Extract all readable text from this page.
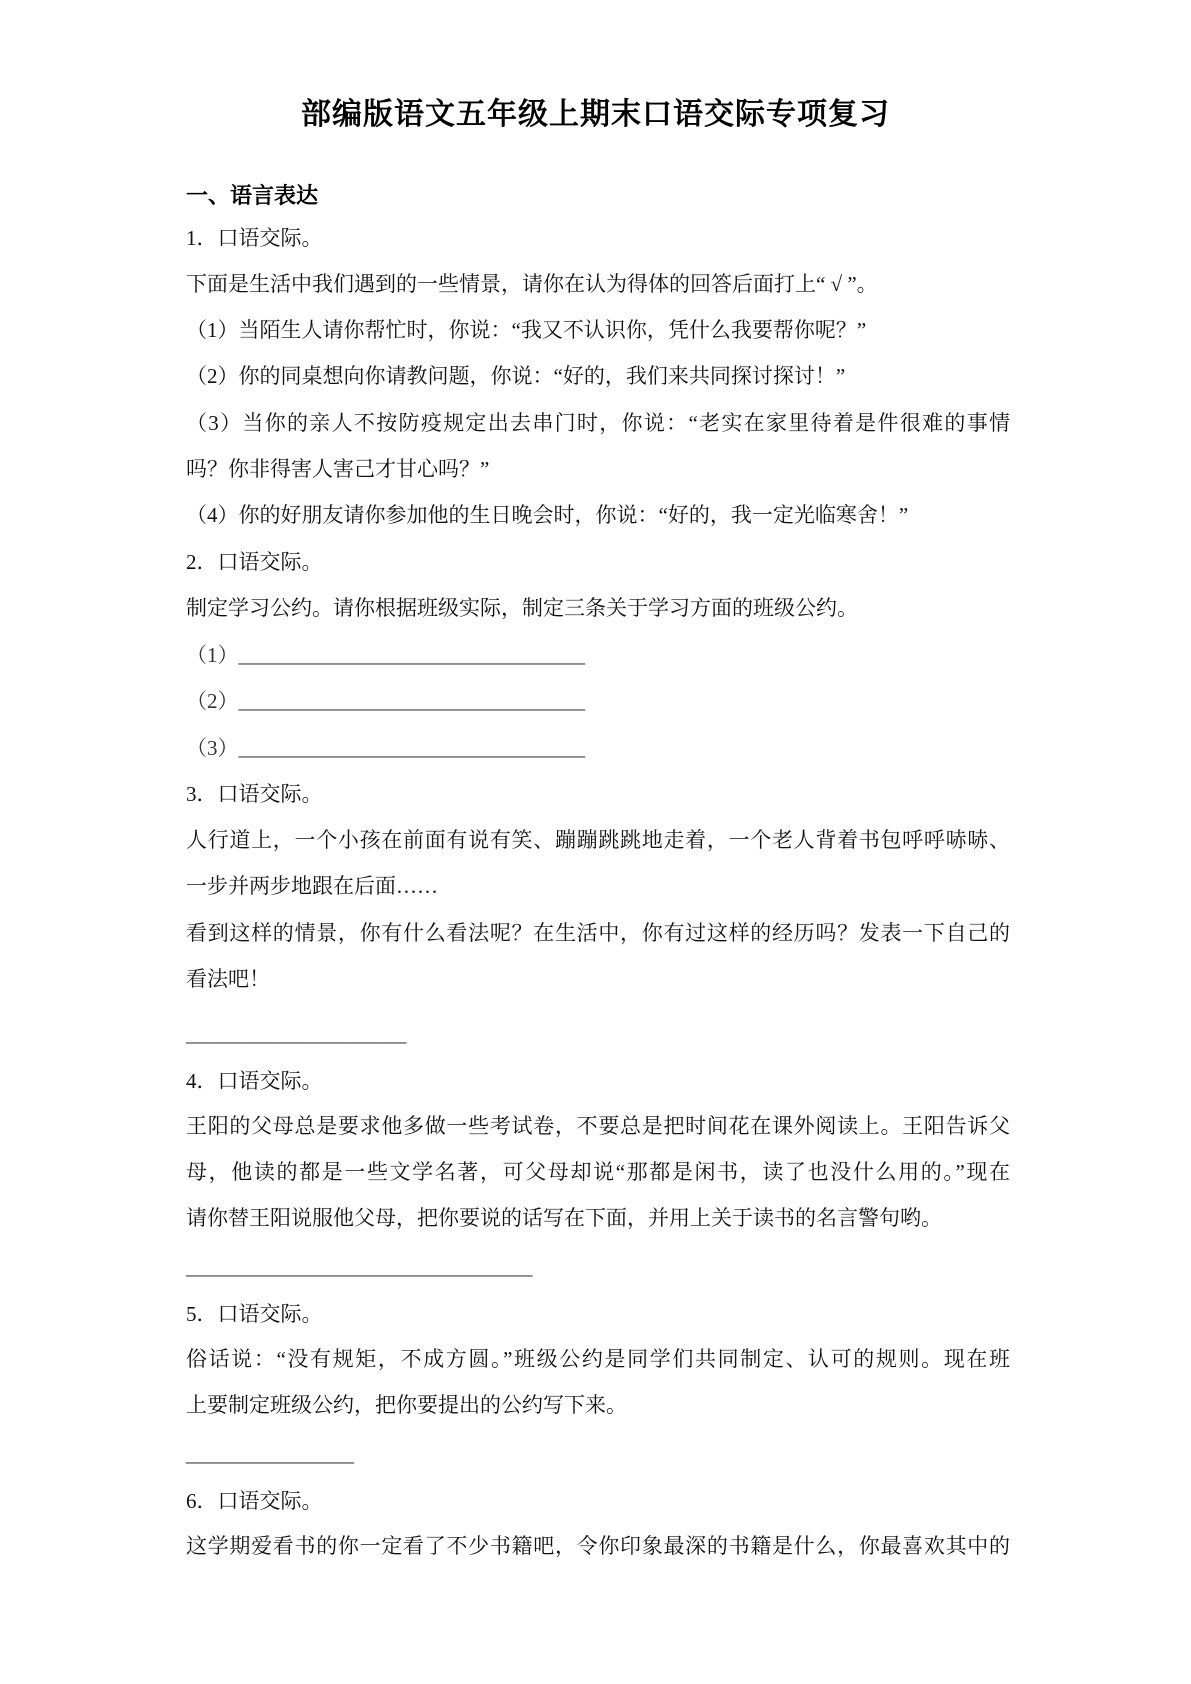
部编版语文五年级上期末口语交际专项复习
一、语言表达
1．口语交际。
下面是生活中我们遇到的一些情景，请你在认为得体的回答后面打上“ √ ”。
（1）当陌生人请你帮忙时，你说：“我又不认识你，凭什么我要帮你呢？”
（2）你的同桌想向你请教问题，你说：“好的，我们来共同探讨探讨！”
（3）当你的亲人不按防疫规定出去串门时，你说：“老实在家里待着是件很难的事情
吗？你非得害人害己才甘心吗？”
（4）你的好朋友请你参加他的生日晚会时，你说：“好的，我一定光临寒舍！”
2．口语交际。
制定学习公约。请你根据班级实际，制定三条关于学习方面的班级公约。
（1）_________________________________
（2）_________________________________
（3）_________________________________
3．口语交际。
人行道上，一个小孩在前面有说有笑、蹦蹦跳跳地走着，一个老人背着书包呼呼哧哧、
一步并两步地跟在后面……
看到这样的情景，你有什么看法呢？在生活中，你有过这样的经历吗？发表一下自己的
看法吧！
_____________________
4．口语交际。
王阳的父母总是要求他多做一些考试卷，不要总是把时间花在课外阅读上。王阳告诉父
母，他读的都是一些文学名著，可父母却说“那都是闲书，读了也没什么用的。”现在
请你替王阳说服他父母，把你要说的话写在下面，并用上关于读书的名言警句哟。
_________________________________
5．口语交际。
俗话说：“没有规矩，不成方圆。”班级公约是同学们共同制定、认可的规则。现在班
上要制定班级公约，把你要提出的公约写下来。
________________
6．口语交际。
这学期爱看书的你一定看了不少书籍吧，令你印象最深的书籍是什么，你最喜欢其中的
